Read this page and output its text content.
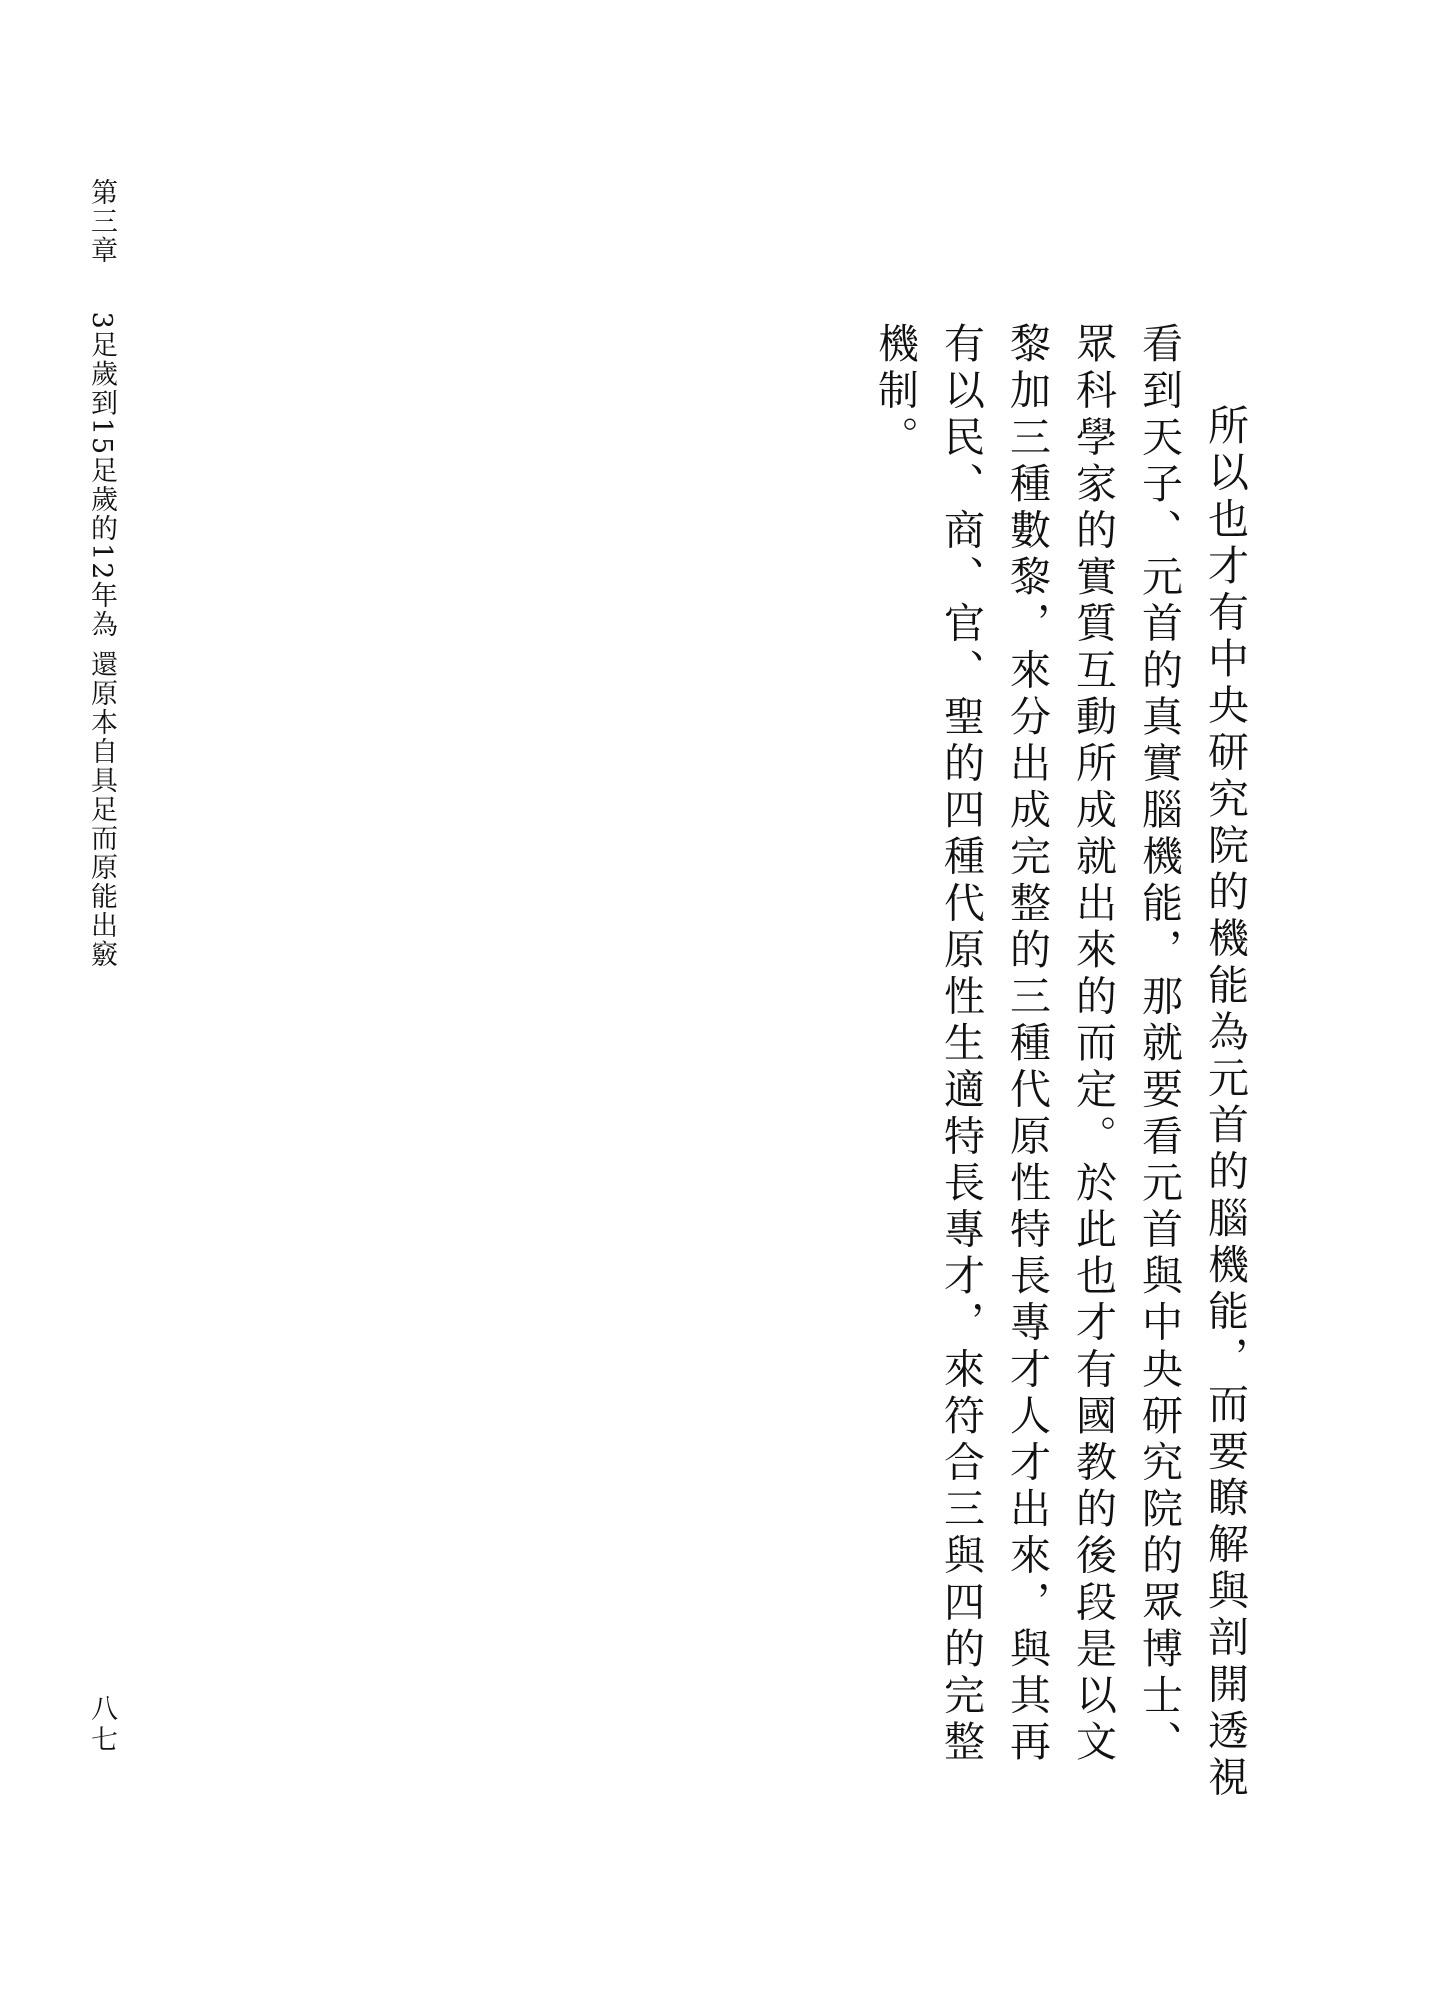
第三章 3足歲到15足歲的12年為 還原本自具足而原能出竅
八七	所以也才有中央研究院的機能為元首的腦機能，而要瞭解與剖開透視看到天子、元首的真實腦機能，那就要看元首與中央研究院的眾博士、眾科學家的實質互動所成就出來的而定。於此也才有國教的後段是以文黎加三種數黎，來分出成完整的三種代原性特長專才人才出來，與其再有以民、商、官、聖的四種代原性生適特長專才，來符合三與四的完整機制。
